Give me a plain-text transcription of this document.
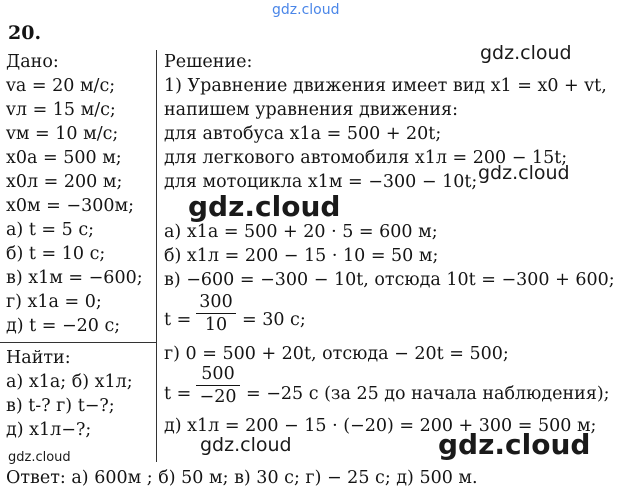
gdz.cloud
20.
Дано:
vа = 20 м/с;
vл = 15 м/с;
vм = 10 м/с;
x0а = 500 м;
x0л = 200 м;
x0м = −300м;
а) t = 5 с;
б) t = 10 с;
в) x1м = −600;
г) x1а = 0;
д) t = −20 с;
Найти:
а) x1а; б) x1л;
в) t-? г) t−?;
д) x1л−?;
Решение:
1) Уравнение движения имеет вид x1 = x0 + vt,
напишем уравнения движения:
для автобуса x1а = 500 + 20t;
для легкового автомобиля x1л = 200 − 15t;
для мотоцикла x1м = −300 − 10t;
а) x1а = 500 + 20 · 5 = 600 м;
б) x1л = 200 − 15 · 10 = 50 м;
в) −600 = −300 − 10t, отсюда 10t = −300 + 600;
t =
300
10 = 30 с;
г) 0 = 500 + 20t, отсюда − 20t = 500;
t =
500
−20 = −25 с (за 25 до начала наблюдения);
д) x1л = 200 − 15 · (−20) = 200 + 300 = 500 м;
Ответ: а) 600м ; б) 50 м; в) 30 с; г) − 25 с; д) 500 м.
gdz.cloud
gdz.cloud
gdz.cloud
gdz.cloud	gdz.cloud
gdz.cloud
